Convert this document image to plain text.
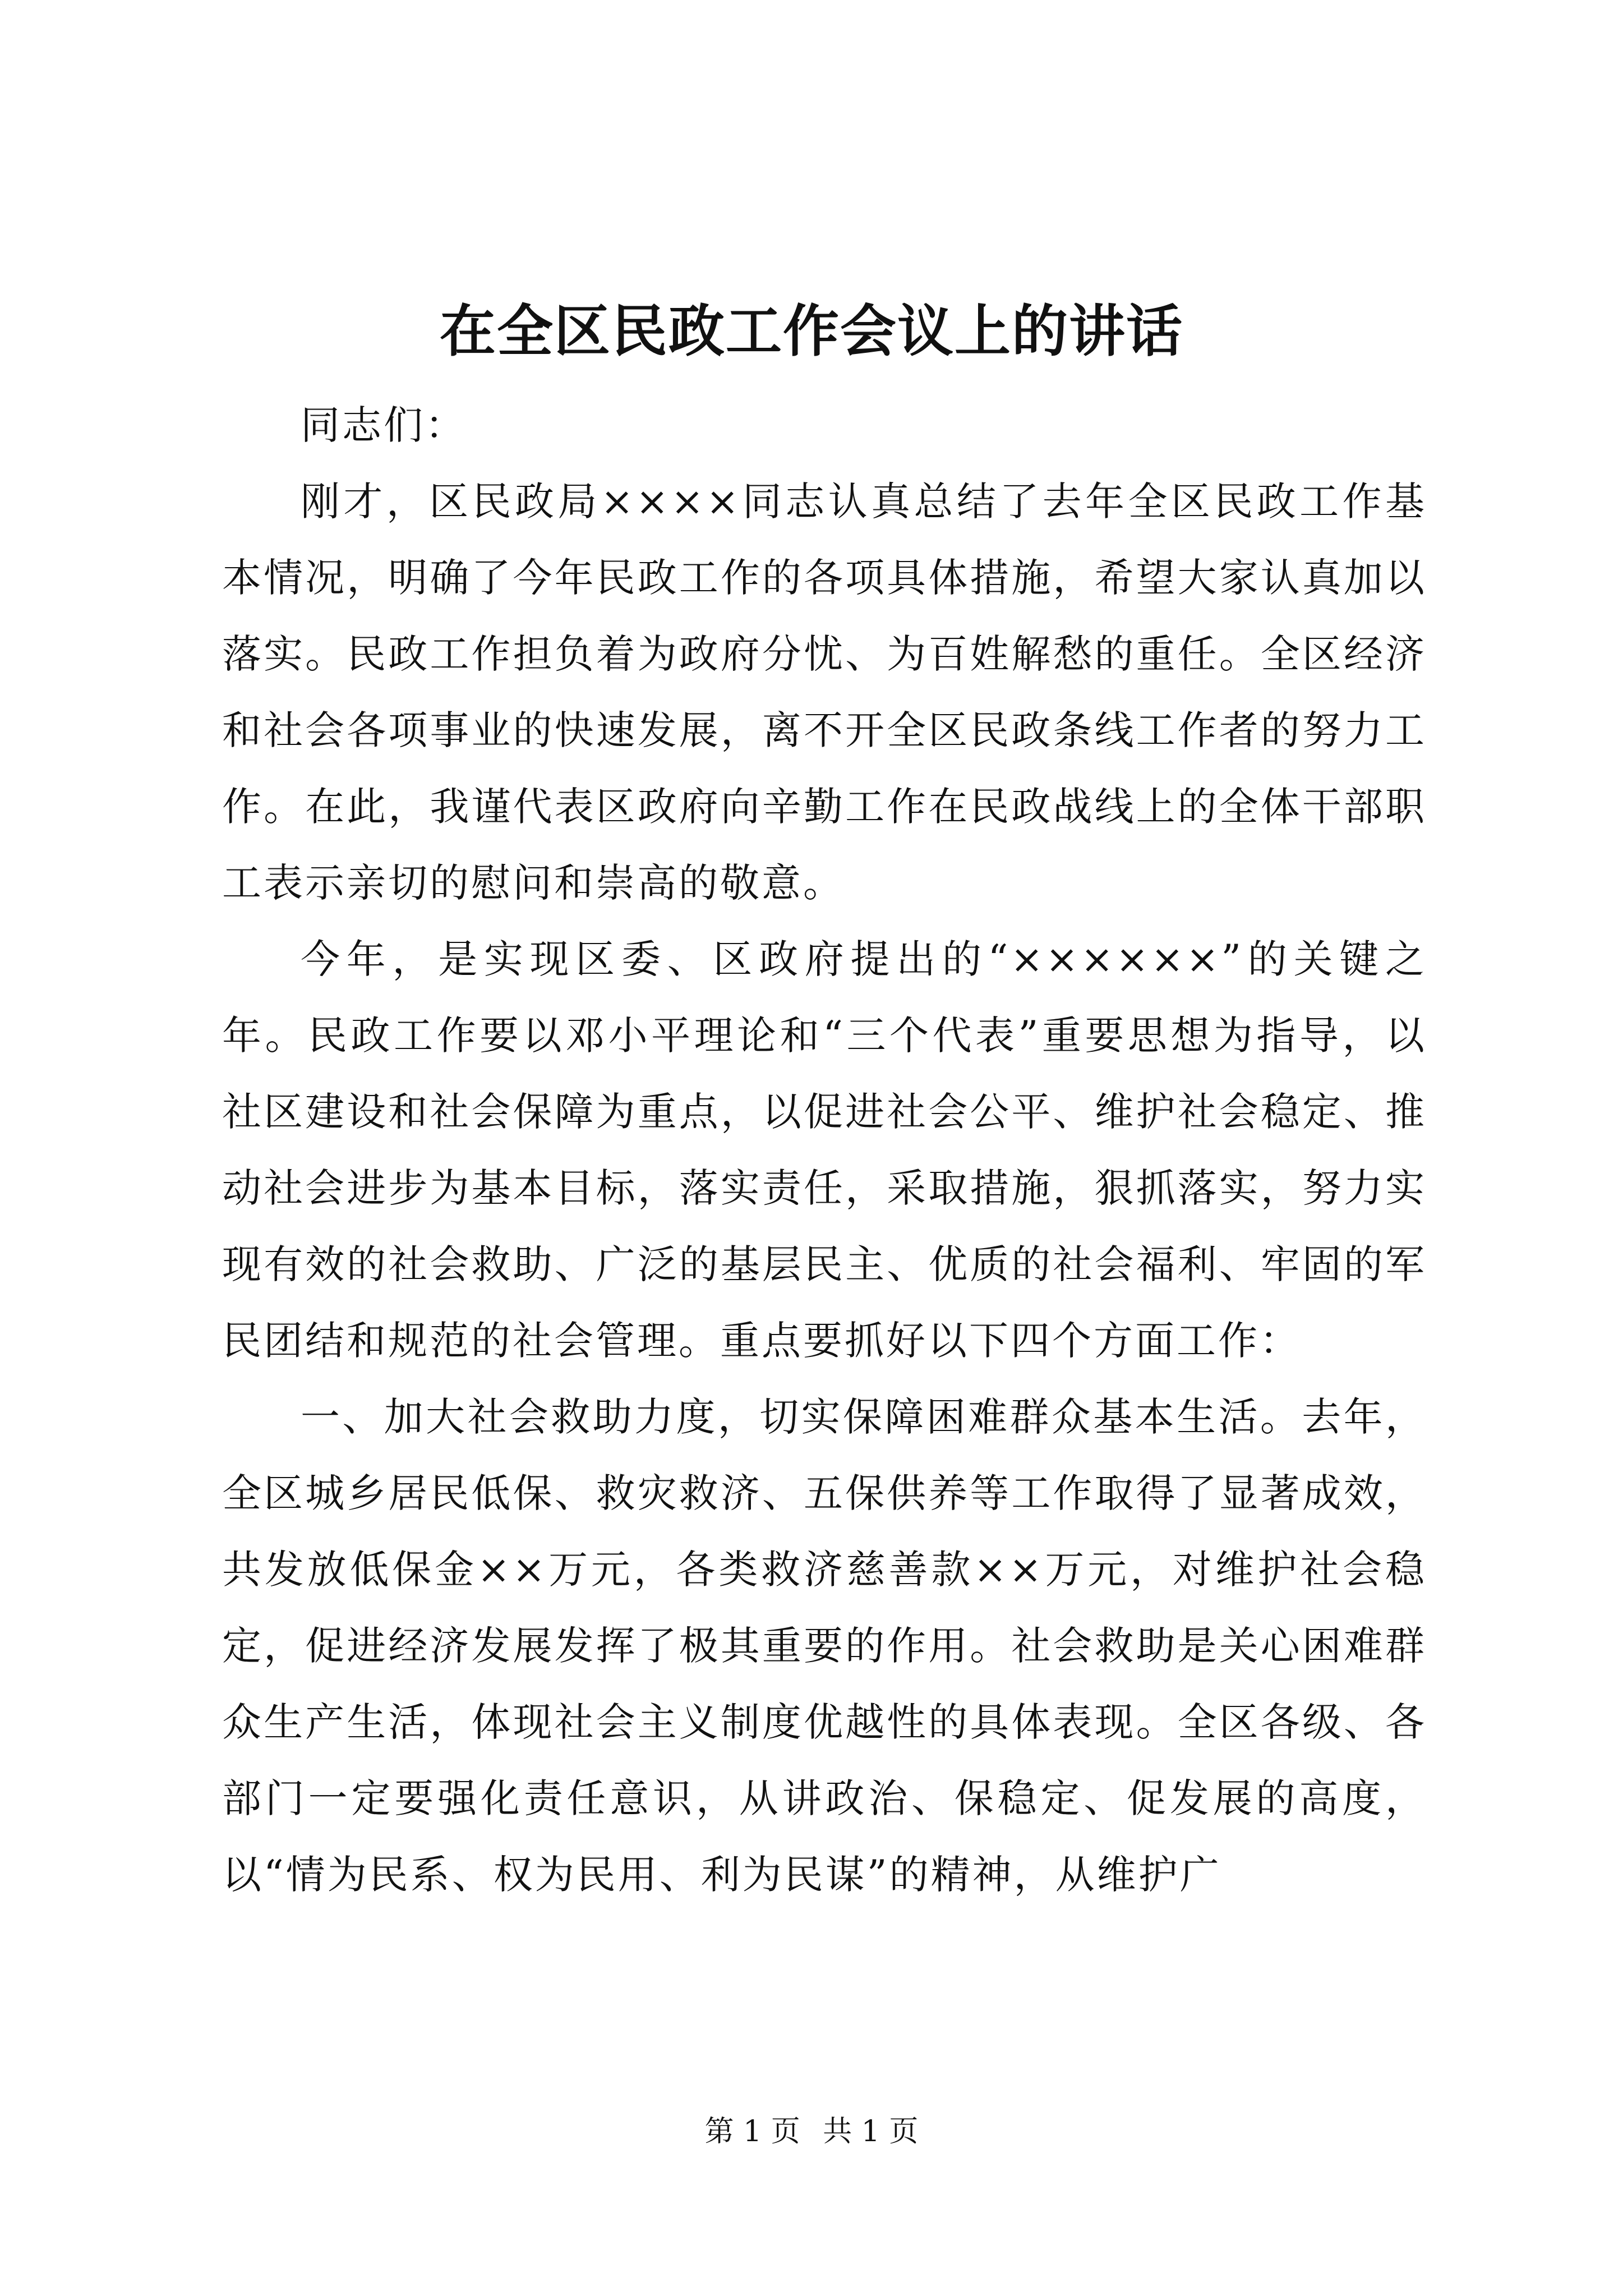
在全区民政工作会议上的讲话

同志们：

刚才，区民政局××××同志认真总结了去年全区民政工作基本情况，明确了今年民政工作的各项具体措施，希望大家认真加以落实。民政工作担负着为政府分忧、为百姓解愁的重任。全区经济和社会各项事业的快速发展，离不开全区民政条线工作者的努力工作。在此，我谨代表区政府向辛勤工作在民政战线上的全体干部职工表示亲切的慰问和崇高的敬意。

今年，是实现区委、区政府提出的“××××××”的关键之年。民政工作要以邓小平理论和“三个代表”重要思想为指导，以社区建设和社会保障为重点，以促进社会公平、维护社会稳定、推动社会进步为基本目标，落实责任，采取措施，狠抓落实，努力实现有效的社会救助、广泛的基层民主、优质的社会福利、牢固的军民团结和规范的社会管理。重点要抓好以下四个方面工作：

一、加大社会救助力度，切实保障困难群众基本生活。去年，全区城乡居民低保、救灾救济、五保供养等工作取得了显著成效，共发放低保金××万元，各类救济慈善款××万元，对维护社会稳定，促进经济发展发挥了极其重要的作用。社会救助是关心困难群众生产生活，体现社会主义制度优越性的具体表现。全区各级、各部门一定要强化责任意识，从讲政治、保稳定、促发展的高度，以“情为民系、权为民用、利为民谋”的精神，从维护广

第 1 页 共 1 页
